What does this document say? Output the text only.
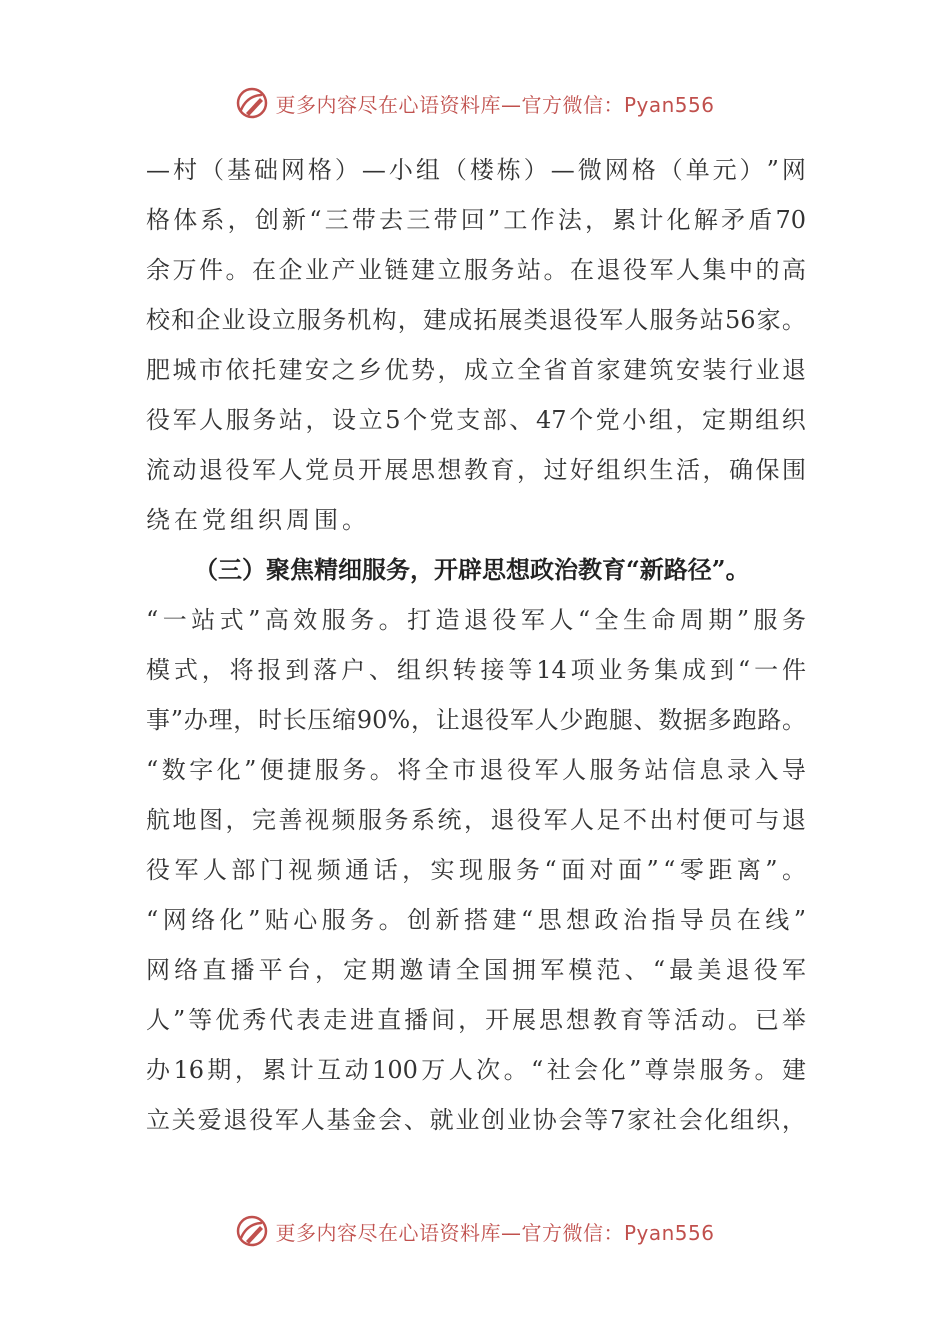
更多内容尽在心语资料库—官方微信：Pyan556
— 村 （ 基 础 网 格 ） — 小 组 （ 楼 栋 ） — 微 网 格 （ 单 元 ） ” 网
格 体 系 ， 创 新 “ 三 带 去 三 带 回 ” 工 作 法 ， 累 计 化 解 矛 盾 70
余 万 件 。 在 企 业 产 业 链 建 立 服 务 站 。 在 退 役 军 人 集 中 的 高
校 和 企 业 设 立 服 务 机 构 ， 建 成 拓 展 类 退 役 军 人 服 务 站 56 家 。
肥 城 市 依 托 建 安 之 乡 优 势 ， 成 立 全 省 首 家 建 筑 安 装 行 业 退
役 军 人 服 务 站 ， 设 立 5 个 党 支 部 、 47 个 党 小 组 ， 定 期 组 织
流 动 退 役 军 人 党 员 开 展 思 想 教 育 ， 过 好 组 织 生 活 ， 确 保 围
绕在党组织周围。
（三）聚焦精细服务，开辟思想政治教育“新路径”。
“ 一 站 式 ” 高 效 服 务 。 打 造 退 役 军 人 “ 全 生 命 周 期 ” 服 务
模 式 ， 将 报 到 落 户 、 组 织 转 接 等 14 项 业 务 集 成 到 “ 一 件
事 ” 办 理 ， 时 长 压 缩 90% ， 让 退 役 军 人 少 跑 腿 、 数 据 多 跑 路 。
“ 数 字 化 ” 便 捷 服 务 。 将 全 市 退 役 军 人 服 务 站 信 息 录 入 导
航 地 图 ， 完 善 视 频 服 务 系 统 ， 退 役 军 人 足 不 出 村 便 可 与 退
役 军 人 部 门 视 频 通 话 ， 实 现 服 务 “ 面 对 面 ” “ 零 距 离 ” 。
“ 网 络 化 ” 贴 心 服 务 。 创 新 搭 建 “ 思 想 政 治 指 导 员 在 线 ”
网 络 直 播 平 台 ， 定 期 邀 请 全 国 拥 军 模 范 、 “ 最 美 退 役 军
人 ” 等 优 秀 代 表 走 进 直 播 间 ， 开 展 思 想 教 育 等 活 动 。 已 举
办 16 期 ， 累 计 互 动 100 万 人 次 。 “ 社 会 化 ” 尊 崇 服 务 。 建
立 关 爱 退 役 军 人 基 金 会 、 就 业 创 业 协 会 等 7 家 社 会 化 组 织 ，
更多内容尽在心语资料库—官方微信：Pyan556
